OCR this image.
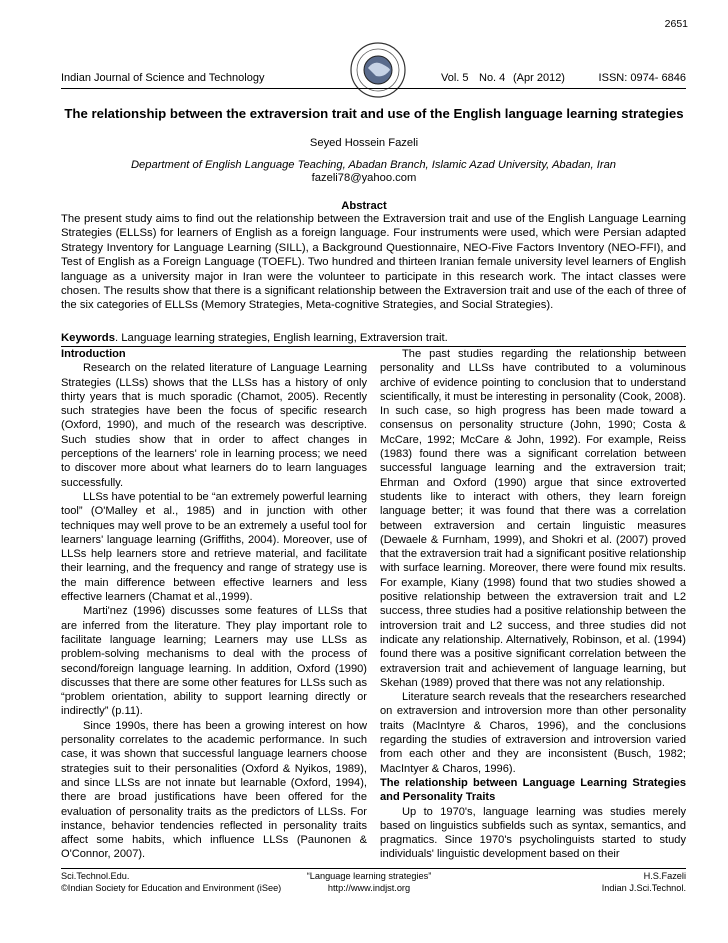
2651
Indian Journal of Science and Technology	Vol. 5 No. 4 (Apr 2012)	ISSN: 0974- 6846
The relationship between the extraversion trait and use of the English language learning strategies
Seyed Hossein Fazeli
Department of English Language Teaching, Abadan Branch, Islamic Azad University, Abadan, Iran
fazeli78@yahoo.com
Abstract
The present study aims to find out the relationship between the Extraversion trait and use of the English Language Learning Strategies (ELLSs) for learners of English as a foreign language. Four instruments were used, which were Persian adapted Strategy Inventory for Language Learning (SILL), a Background Questionnaire, NEO-Five Factors Inventory (NEO-FFI), and Test of English as a Foreign Language (TOEFL). Two hundred and thirteen Iranian female university level learners of English language as a university major in Iran were the volunteer to participate in this research work. The intact classes were chosen. The results show that there is a significant relationship between the Extraversion trait and use of the each of three of the six categories of ELLSs (Memory Strategies, Meta-cognitive Strategies, and Social Strategies).
Keywords. Language learning strategies, English learning, Extraversion trait.

Introduction

Research on the related literature of Language Learning Strategies (LLSs) shows that the LLSs has a history of only thirty years that is much sporadic (Chamot, 2005). Recently such strategies have been the focus of specific research (Oxford, 1990), and much of the research was descriptive. Such studies show that in order to affect changes in perceptions of the learners' role in learning process; we need to discover more about what learners do to learn languages successfully.

LLSs have potential to be “an extremely powerful learning tool” (O'Malley et al., 1985) and in junction with other techniques may well prove to be an extremely a useful tool for learners' language learning (Griffiths, 2004). Moreover, use of LLSs help learners store and retrieve material, and facilitate their learning, and the frequency and range of strategy use is the main difference between effective learners and less effective learners (Chamat et al.,1999).

Marti'nez (1996) discusses some features of LLSs that are inferred from the literature. They play important role to facilitate language learning; Learners may use LLSs as problem-solving mechanisms to deal with the process of second/foreign language learning. In addition, Oxford (1990) discusses that there are some other features for LLSs such as “problem orientation, ability to support learning directly or indirectly” (p.11).

Since 1990s, there has been a growing interest on how personality correlates to the academic performance. In such case, it was shown that successful language learners choose strategies suit to their personalities (Oxford & Nyikos, 1989), and since LLSs are not innate but learnable (Oxford, 1994), there are broad justifications have been offered for the evaluation of personality traits as the predictors of LLSs. For instance, behavior tendencies reflected in personality traits affect some habits, which influence LLSs (Paunonen & O'Connor, 2007).

The past studies regarding the relationship between personality and LLSs have contributed to a voluminous archive of evidence pointing to conclusion that to understand scientifically, it must be interesting in personality (Cook, 2008). In such case, so high progress has been made toward a consensus on personality structure (John, 1990; Costa & McCare, 1992; McCare & John, 1992). For example, Reiss (1983) found there was a significant correlation between successful language learning and the extraversion trait; Ehrman and Oxford (1990) argue that since extroverted students like to interact with others, they learn foreign language better; it was found that there was a correlation between extraversion and certain linguistic measures (Dewaele & Furnham, 1999), and Shokri et al. (2007) proved that the extraversion trait had a significant positive relationship with surface learning. Moreover, there were found mix results. For example, Kiany (1998) found that two studies showed a positive relationship between the extraversion trait and L2 success, three studies had a positive relationship between the introversion trait and L2 success, and three studies did not indicate any relationship. Alternatively, Robinson, et al. (1994) found there was a positive significant correlation between the extraversion trait and achievement of language learning, but Skehan (1989) proved that there was not any relationship.

Literature search reveals that the researchers researched on extraversion and introversion more than other personality traits (MacIntyre & Charos, 1996), and the conclusions regarding the studies of extraversion and introversion varied from each other and they are inconsistent (Busch, 1982; MacIntyer & Charos, 1996).

The relationship between Language Learning Strategies and Personality Traits

Up to 1970's, language learning was studies merely based on linguistics subfields such as syntax, semantics, and pragmatics. Since 1970's psycholinguists started to study individuals' linguistic development based on their

Sci.Technol.Edu.
©Indian Society for Education and Environment (iSee)
“Language learning strategies”
http://www.indjst.org
H.S.Fazeli
Indian J.Sci.Technol.
